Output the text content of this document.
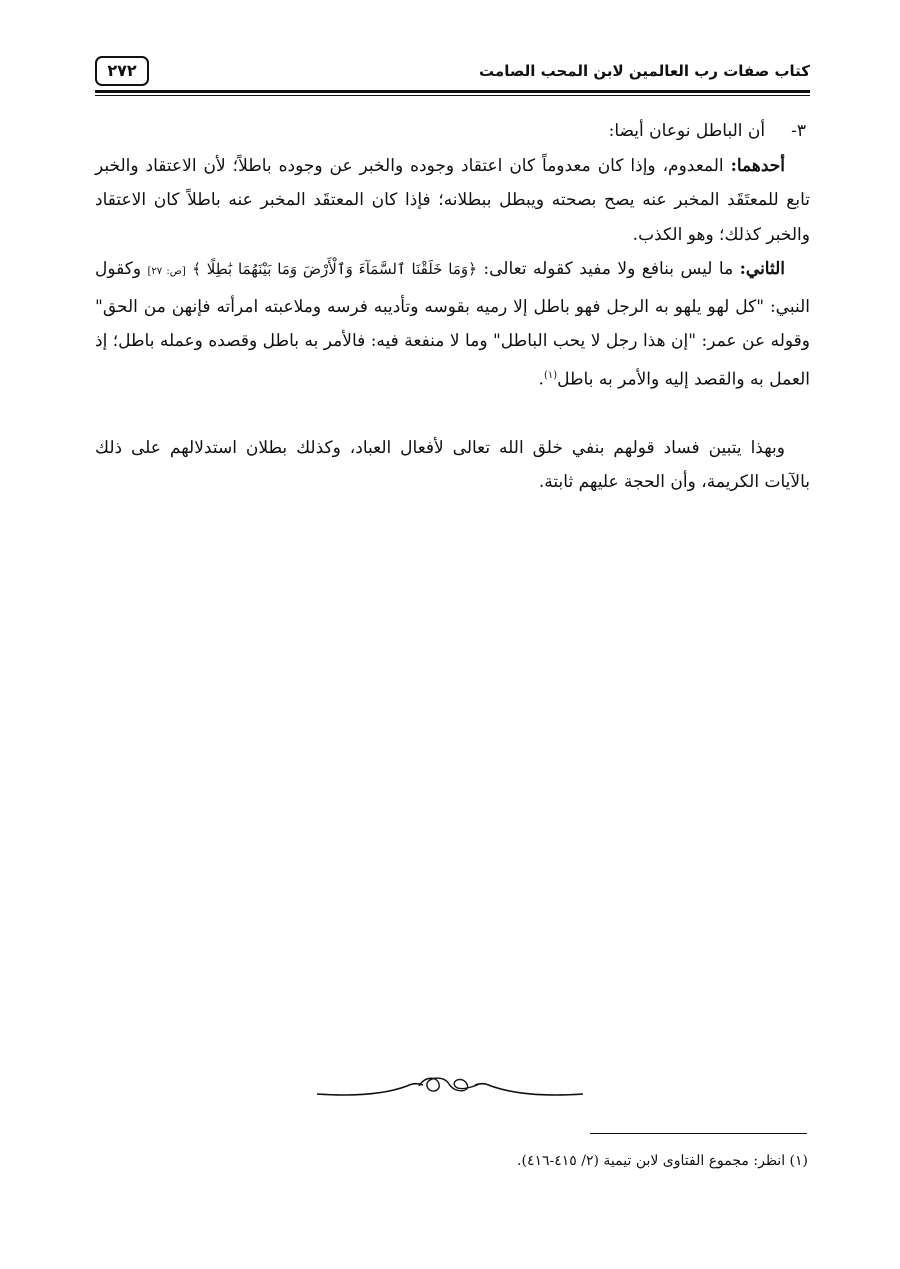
٢٧٢	كتاب صفات رب العالمين لابن المحب الصامت

٣-أن الباطل نوعان أيضا:

أحدهما: المعدوم، وإذا كان معدوماً كان اعتقاد وجوده والخبر عن وجوده باطلاً؛ لأن الاعتقاد والخبر تابع للمعتَقَد المخبر عنه يصح بصحته ويبطل ببطلانه؛ فإذا كان المعتقَد المخبر عنه باطلاً كان الاعتقاد والخبر كذلك؛ وهو الكذب.

الثاني: ما ليس بنافع ولا مفيد كقوله تعالى: ﴿وَمَا خَلَقْنَا ٱلسَّمَآءَ وَٱلْأَرْضَ وَمَا بَيْنَهُمَا بَٰطِلًا ﴾ [ص: ٢٧] وكقول النبي: "كل لهو يلهو به الرجل فهو باطل إلا رميه بقوسه وتأديبه فرسه وملاعبته امرأته فإنهن من الحق" وقوله عن عمر: "إن هذا رجل لا يحب الباطل" وما لا منفعة فيه: فالأمر به باطل وقصده وعمله باطل؛ إذ العمل به والقصد إليه والأمر به باطل$^{(١)}$.

وبهذا يتبين فساد قولهم بنفي خلق الله تعالى لأفعال العباد، وكذلك بطلان استدلالهم على ذلك بالآيات الكريمة، وأن الحجة عليهم ثابتة.

(١) انظر: مجموع الفتاوى لابن تيمية (٢/ ٤١٥-٤١٦).
